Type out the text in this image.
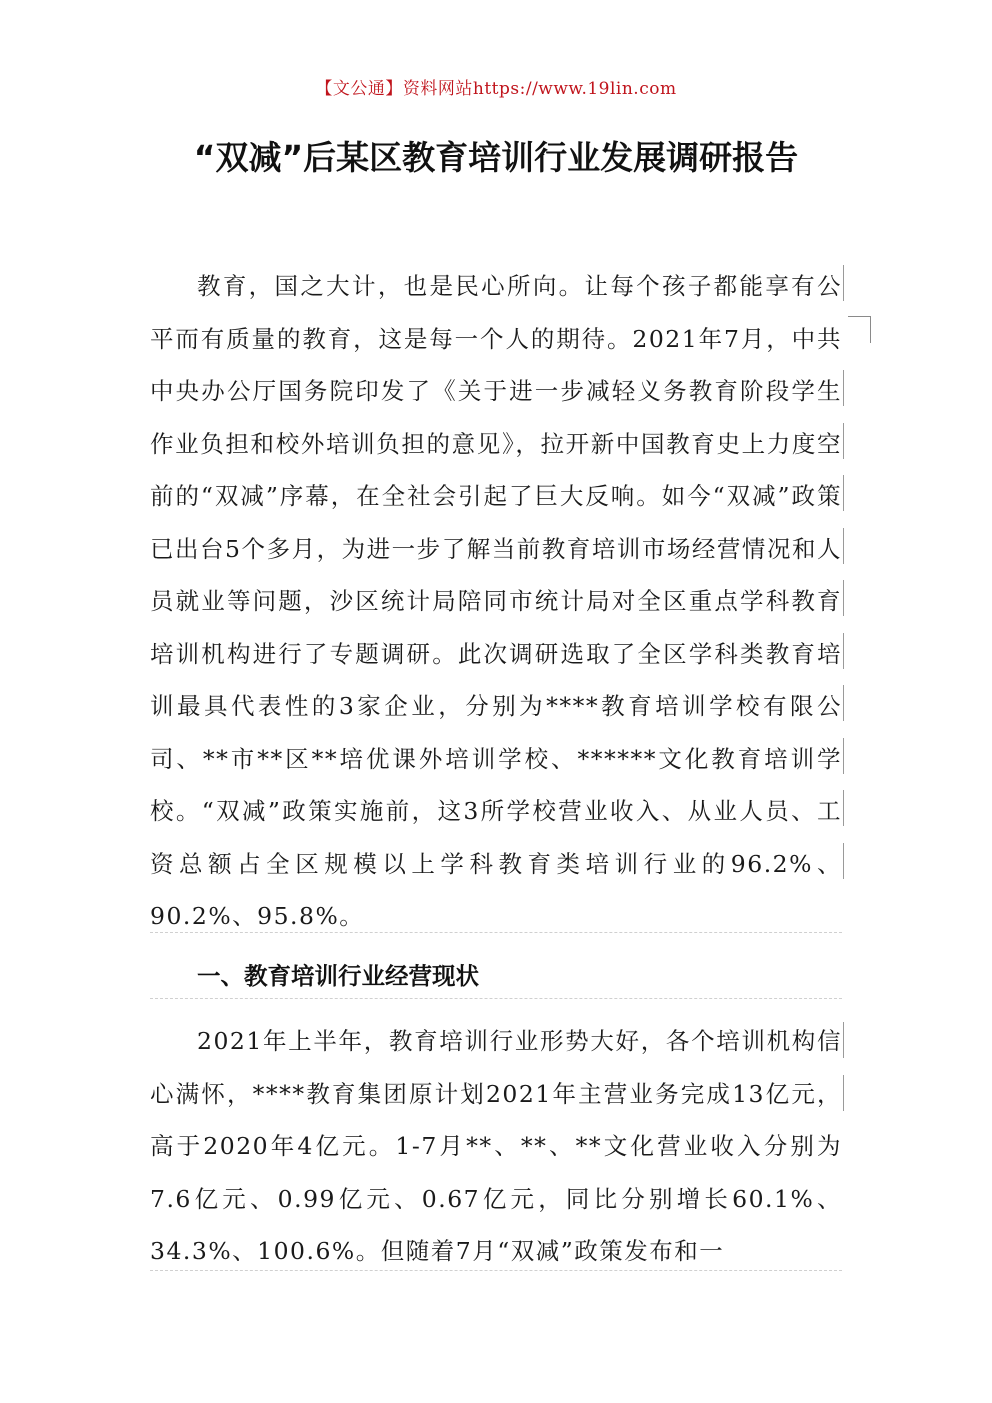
【文公通】资料网站https://www.19lin.com
“双减”后某区教育培训行业发展调研报告

教育，国之大计，也是民心所向。让每个孩子都能享有公平而有质量的教育，这是每一个人的期待。2021年7月，中共中央办公厅国务院印发了《关于进一步减轻义务教育阶段学生作业负担和校外培训负担的意见》，拉开新中国教育史上力度空前的“双减”序幕，在全社会引起了巨大反响。如今“双减”政策已出台5个多月，为进一步了解当前教育培训市场经营情况和人员就业等问题，沙区统计局陪同市统计局对全区重点学科教育培训机构进行了专题调研。此次调研选取了全区学科类教育培训最具代表性的3家企业，分别为****教育培训学校有限公司、**市**区**培优课外培训学校、******文化教育培训学校。“双减”政策实施前，这3所学校营业收入、从业人员、工资总额占全区规模以上学科教育类培训行业的96.2%、90.2%、95.8%。

一、教育培训行业经营现状

2021年上半年，教育培训行业形势大好，各个培训机构信心满怀，****教育集团原计划2021年主营业务完成13亿元，高于2020年4亿元。1-7月**、**、**文化营业收入分别为7.6亿元、0.99亿元、0.67亿元，同比分别增长60.1%、34.3%、100.6%。但随着7月“双减”政策发布和一
